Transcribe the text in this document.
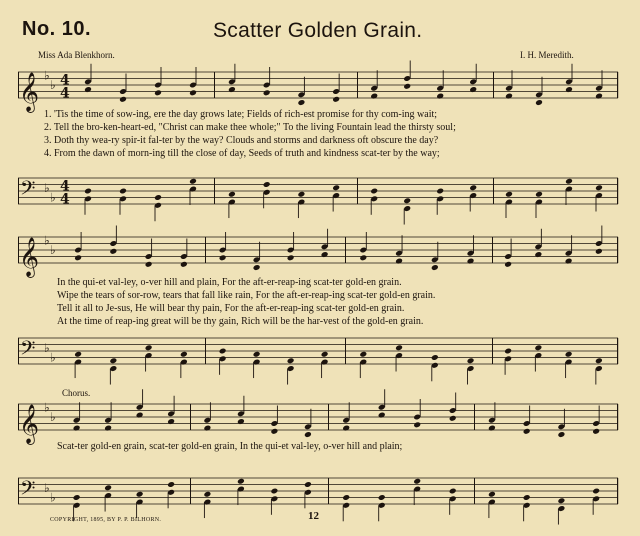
No. 10.	Scatter Golden Grain.
Miss Ada Blenkhorn.	I. H. Meredith.
𝄞
𝄢
♭
♭
♭
♭
4
4
4
4
𝄞
𝄢
♭
♭
♭
♭
𝄞
𝄢
♭
♭
♭
♭
1. 'Tis the time of sow-ing, ere the day grows late; Fields of rich-est promise for thy com-ing wait;
2. Tell the bro-ken-heart-ed, "Christ can make thee whole;" To the living Fountain lead the thirsty soul;
3. Doth thy wea-ry spir-it fal-ter by the way? Clouds and storms and darkness oft obscure the day?
4. From the dawn of morn-ing till the close of day, Seeds of truth and kindness scat-ter by the way;
In the qui-et val-ley, o-ver hill and plain, For the aft-er-reap-ing scat-ter gold-en grain.
Wipe the tears of sor-row, tears that fall like rain, For the aft-er-reap-ing scat-ter gold-en grain.
Tell it all to Je-sus, He will bear thy pain, For the aft-er-reap-ing scat-ter gold-en grain.
At the time of reap-ing great will be thy gain, Rich will be the har-vest of the gold-en grain.
Chorus.
Scat-ter gold-en grain, scat-ter gold-en grain, In the qui-et val-ley, o-ver hill and plain;
COPYRIGHT, 1895, BY P. P. BILHORN.	12
